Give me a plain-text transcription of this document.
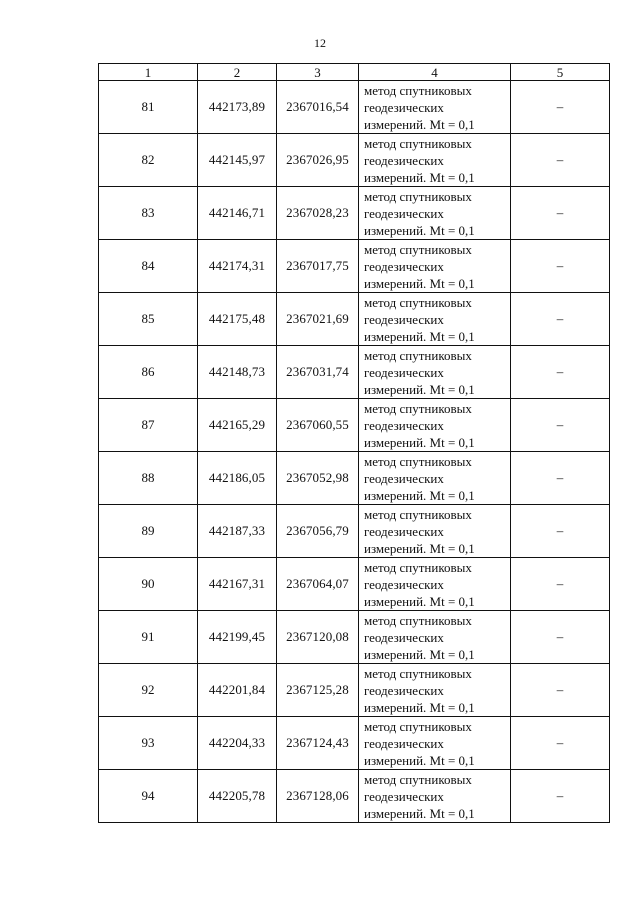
12
1	2	3	4	5
81	442173,89	2367016,54	метод спутниковых
геодезических
измерений. Mt = 0,1	–
82	442145,97	2367026,95	метод спутниковых
геодезических
измерений. Mt = 0,1	–
83	442146,71	2367028,23	метод спутниковых
геодезических
измерений. Mt = 0,1	–
84	442174,31	2367017,75	метод спутниковых
геодезических
измерений. Mt = 0,1	–
85	442175,48	2367021,69	метод спутниковых
геодезических
измерений. Mt = 0,1	–
86	442148,73	2367031,74	метод спутниковых
геодезических
измерений. Mt = 0,1	–
87	442165,29	2367060,55	метод спутниковых
геодезических
измерений. Mt = 0,1	–
88	442186,05	2367052,98	метод спутниковых
геодезических
измерений. Mt = 0,1	–
89	442187,33	2367056,79	метод спутниковых
геодезических
измерений. Mt = 0,1	–
90	442167,31	2367064,07	метод спутниковых
геодезических
измерений. Mt = 0,1	–
91	442199,45	2367120,08	метод спутниковых
геодезических
измерений. Mt = 0,1	–
92	442201,84	2367125,28	метод спутниковых
геодезических
измерений. Mt = 0,1	–
93	442204,33	2367124,43	метод спутниковых
геодезических
измерений. Mt = 0,1	–
94	442205,78	2367128,06	метод спутниковых
геодезических
измерений. Mt = 0,1	–
